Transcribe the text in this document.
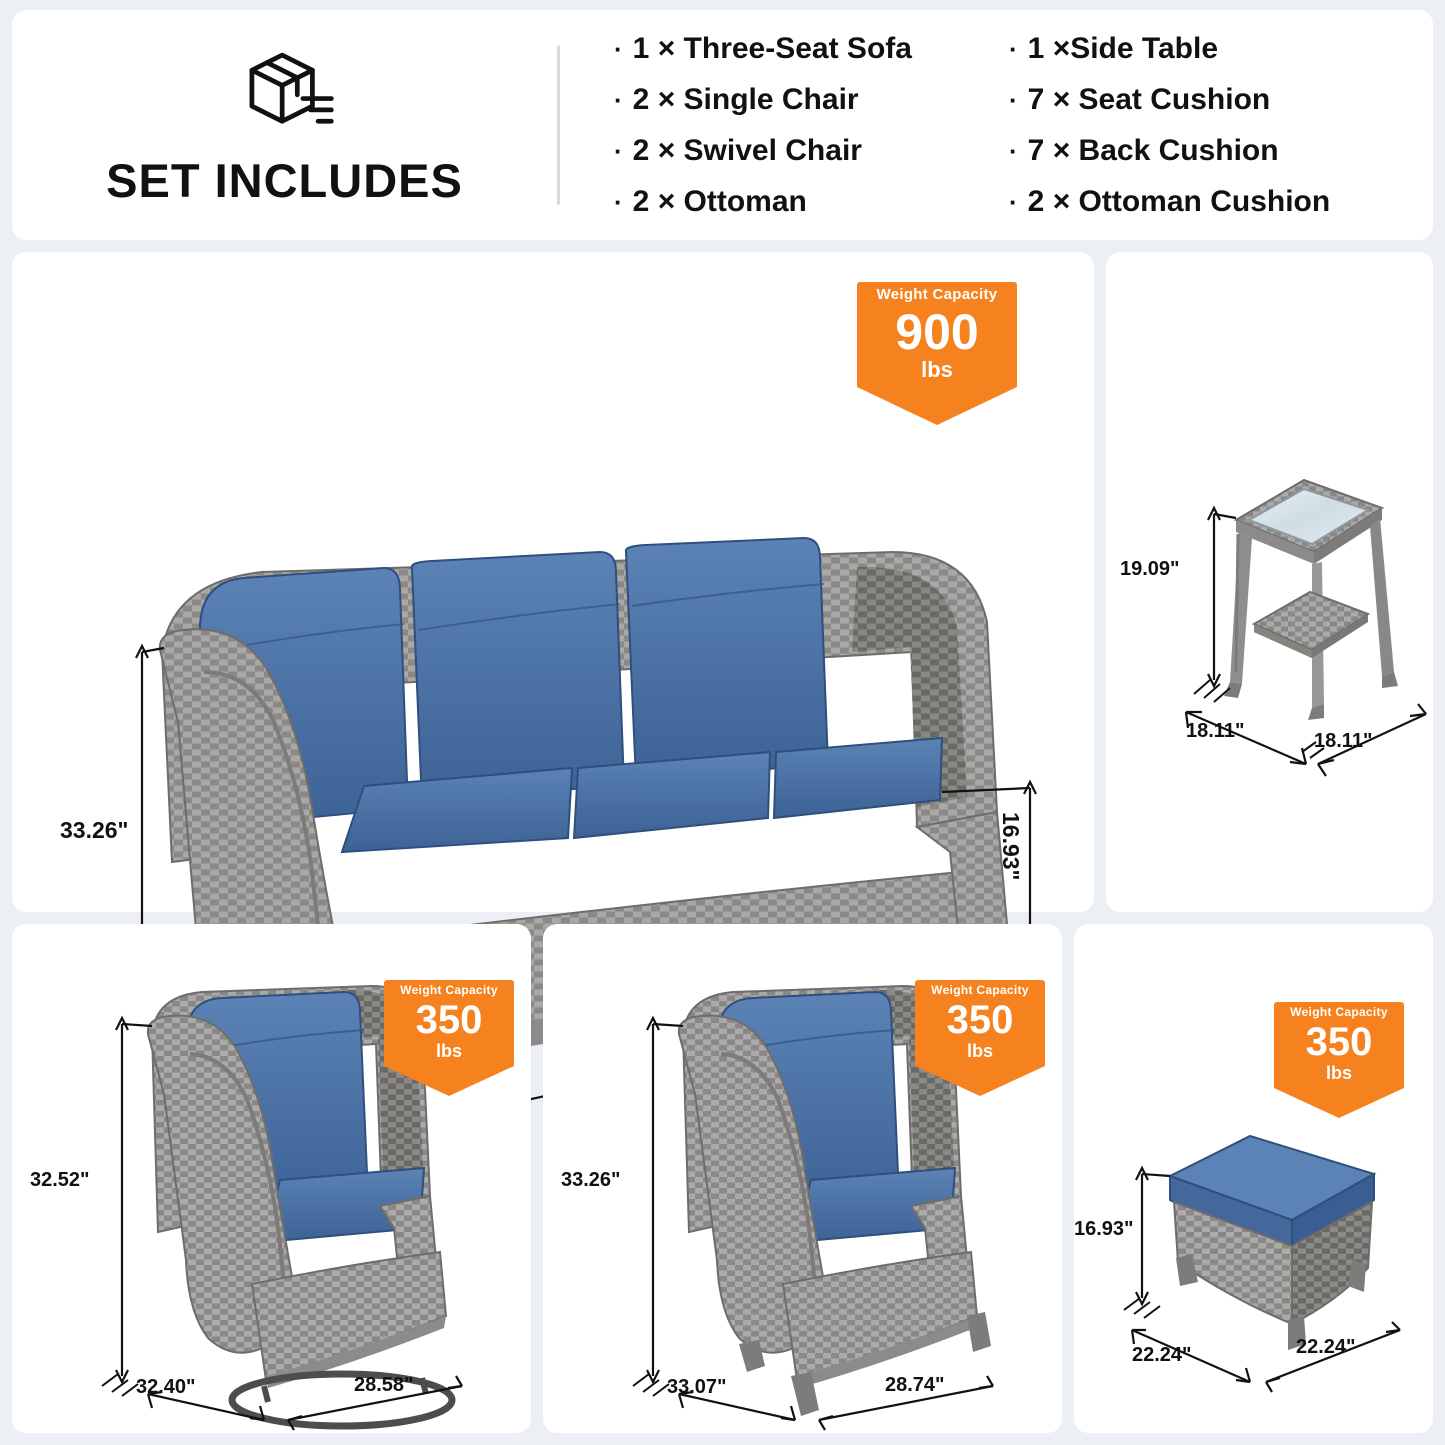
SET INCLUDES
· 1 × Three-Seat Sofa
· 2 × Single Chair
· 2 × Swivel Chair
· 2 × Ottoman
· 1 ×Side Table
· 7 × Seat Cushion
· 7 × Back Cushion
· 2 × Ottoman Cushion
Weight Capacity
900
lbs
33.26"	16.93"
19.09"
18.11"	18.11"
Weight Capacity
350
lbs
32.52"
32.40"	28.58"
Weight Capacity
350
lbs
33.26"
33.07"	28.74"
Weight Capacity
350
lbs
16.93"
22.24"	22.24"
